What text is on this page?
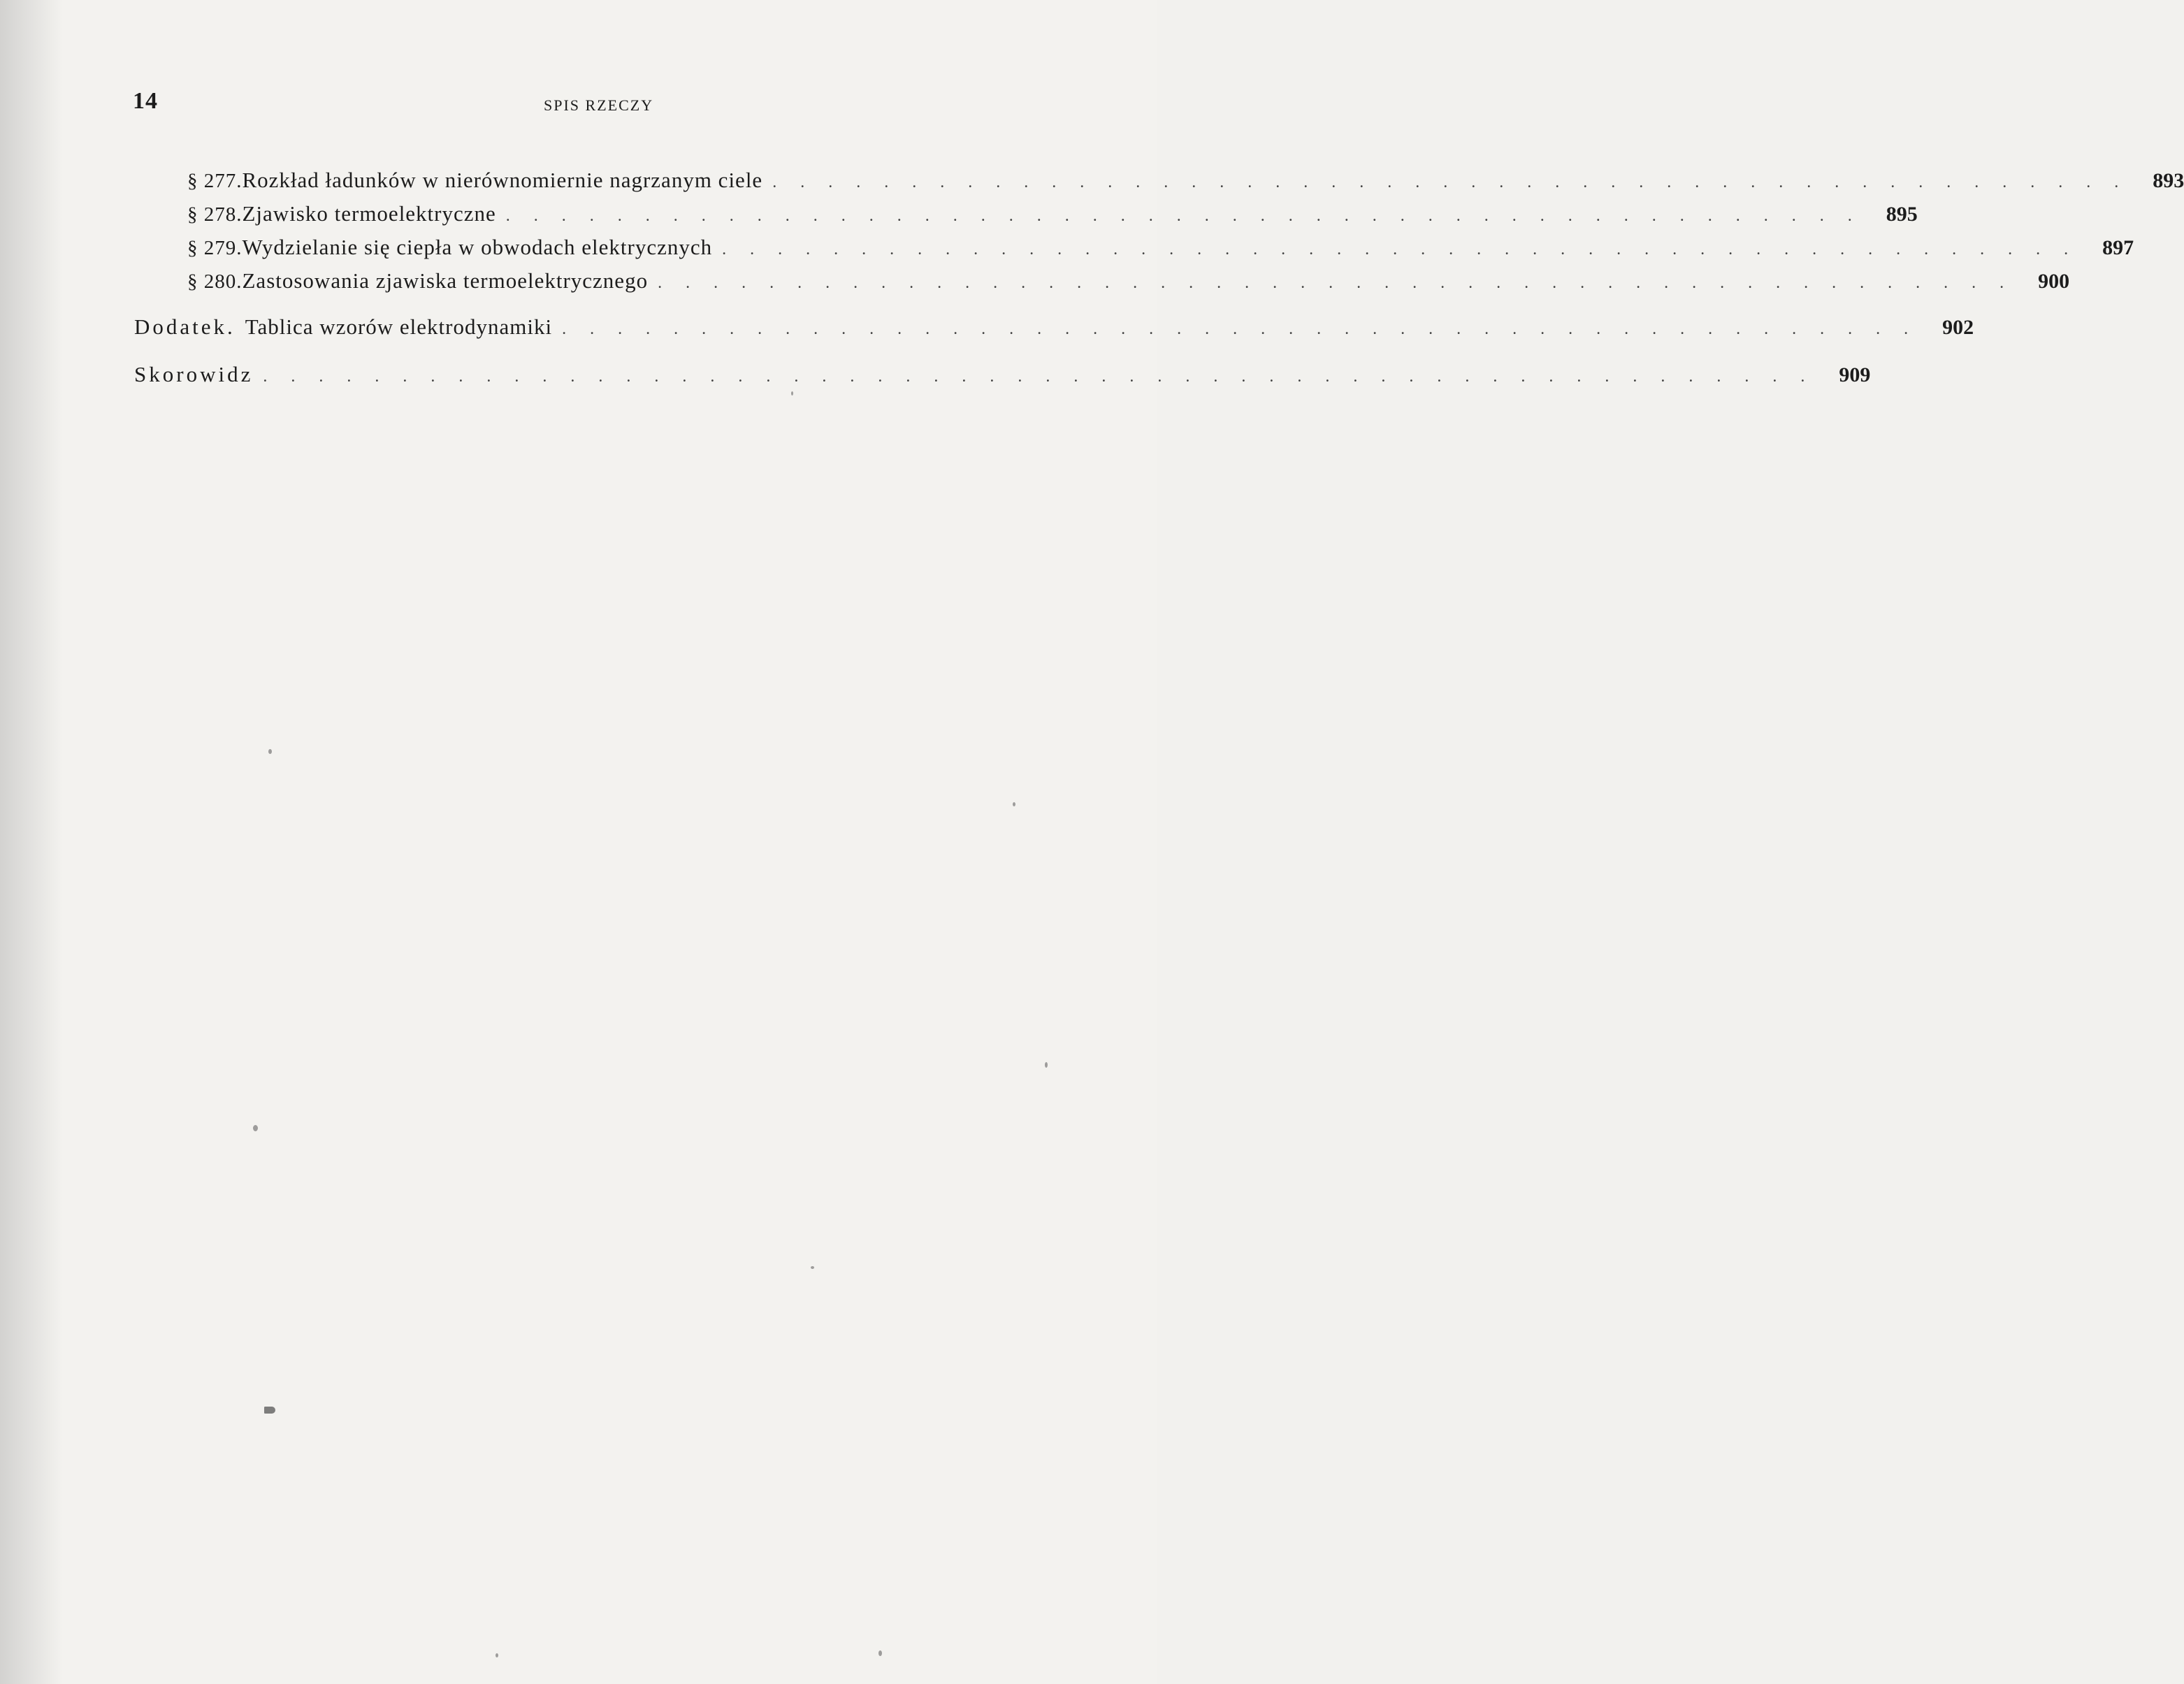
14	SPIS RZECZY
§ 277. Rozkład ładunków w nierównomiernie nagrzanym ciele . . . . . . . . . . . . . . . . . . . . . . . . . . . . . . . . . . . . . . . . . . . . . . . . .	893
§ 278. Zjawisko termoelektryczne . . . . . . . . . . . . . . . . . . . . . . . . . . . . . . . . . . . . . . . . . . . . . . . . .	895
§ 279. Wydzielanie się ciepła w obwodach elektrycznych . . . . . . . . . . . . . . . . . . . . . . . . . . . . . . . . . . . . . . . . . . . . . . . . .	897
§ 280. Zastosowania zjawiska termoelektrycznego . . . . . . . . . . . . . . . . . . . . . . . . . . . . . . . . . . . . . . . . . . . . . . . . .	900
Dodatek. Tablica wzorów elektrodynamiki . . . . . . . . . . . . . . . . . . . . . . . . . . . . . . . . . . . . . . . . . . . . . . . . .	902
Skorowidz . . . . . . . . . . . . . . . . . . . . . . . . . . . . . . . . . . . . . . . . . . . . . . . . . . . . . . . .	909
